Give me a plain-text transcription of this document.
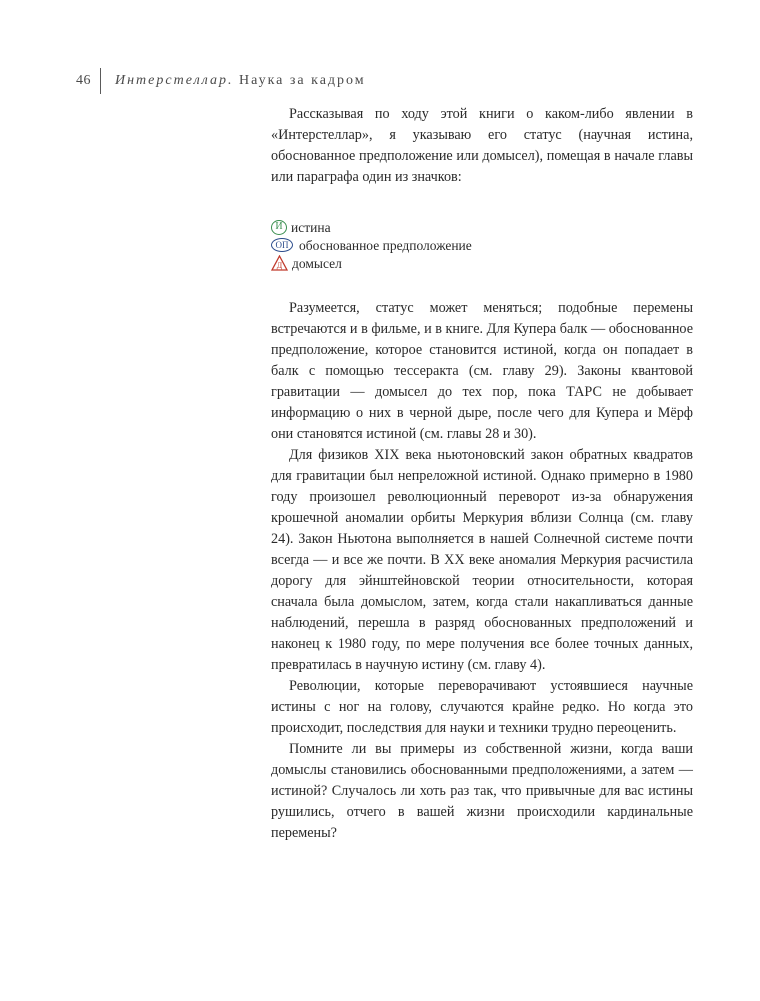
46	Интерстеллар. Наука за кадром

Рассказывая по ходу этой книги о каком-либо явлении в «Интерстеллар», я указываю его статус (научная истина, обоснованное предположение или домысел), помещая в начале главы или параграфа один из значков:

И истина
ОП обоснованное предположение
Д домысел

Разумеется, статус может меняться; подобные перемены встречаются и в фильме, и в книге. Для Купера балк — обоснованное предположение, которое становится истиной, когда он попадает в балк с помощью тессеракта (см. главу 29). Законы квантовой гравитации — домысел до тех пор, пока ТАРС не добывает информацию о них в черной дыре, после чего для Купера и Мёрф они становятся истиной (см. главы 28 и 30).

Для физиков XIX века ньютоновский закон обратных квадратов для гравитации был непреложной истиной. Однако примерно в 1980 году произошел революционный переворот из-за обнаружения крошечной аномалии орбиты Меркурия вблизи Солнца (см. главу 24). Закон Ньютона выполняется в нашей Солнечной системе почти всегда — и все же почти. В XX веке аномалия Меркурия расчистила дорогу для эйнштейновской теории относительности, которая сначала была домыслом, затем, когда стали накапливаться данные наблюдений, перешла в разряд обоснованных предположений и наконец к 1980 году, по мере получения все более точных данных, превратилась в научную истину (см. главу 4).

Революции, которые переворачивают устоявшиеся научные истины с ног на голову, случаются крайне редко. Но когда это происходит, последствия для науки и техники трудно переоценить.

Помните ли вы примеры из собственной жизни, когда ваши домыслы становились обоснованными предположениями, а затем — истиной? Случалось ли хоть раз так, что привычные для вас истины рушились, отчего в вашей жизни происходили кардинальные перемены?
